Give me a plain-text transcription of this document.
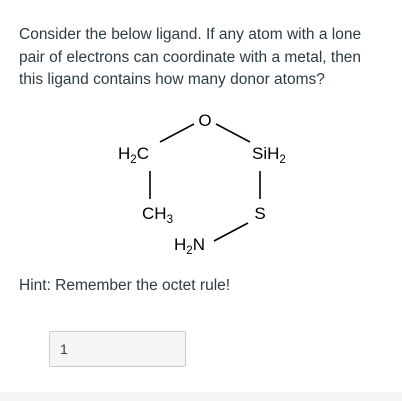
Consider the below ligand. If any atom with a lone pair of electrons can coordinate with a metal, then this ligand contains how many donor atoms?

O
$H_2C$	SiH$_2$
$CH_3$	S
$H_2N$

Hint: Remember the octet rule!

1
